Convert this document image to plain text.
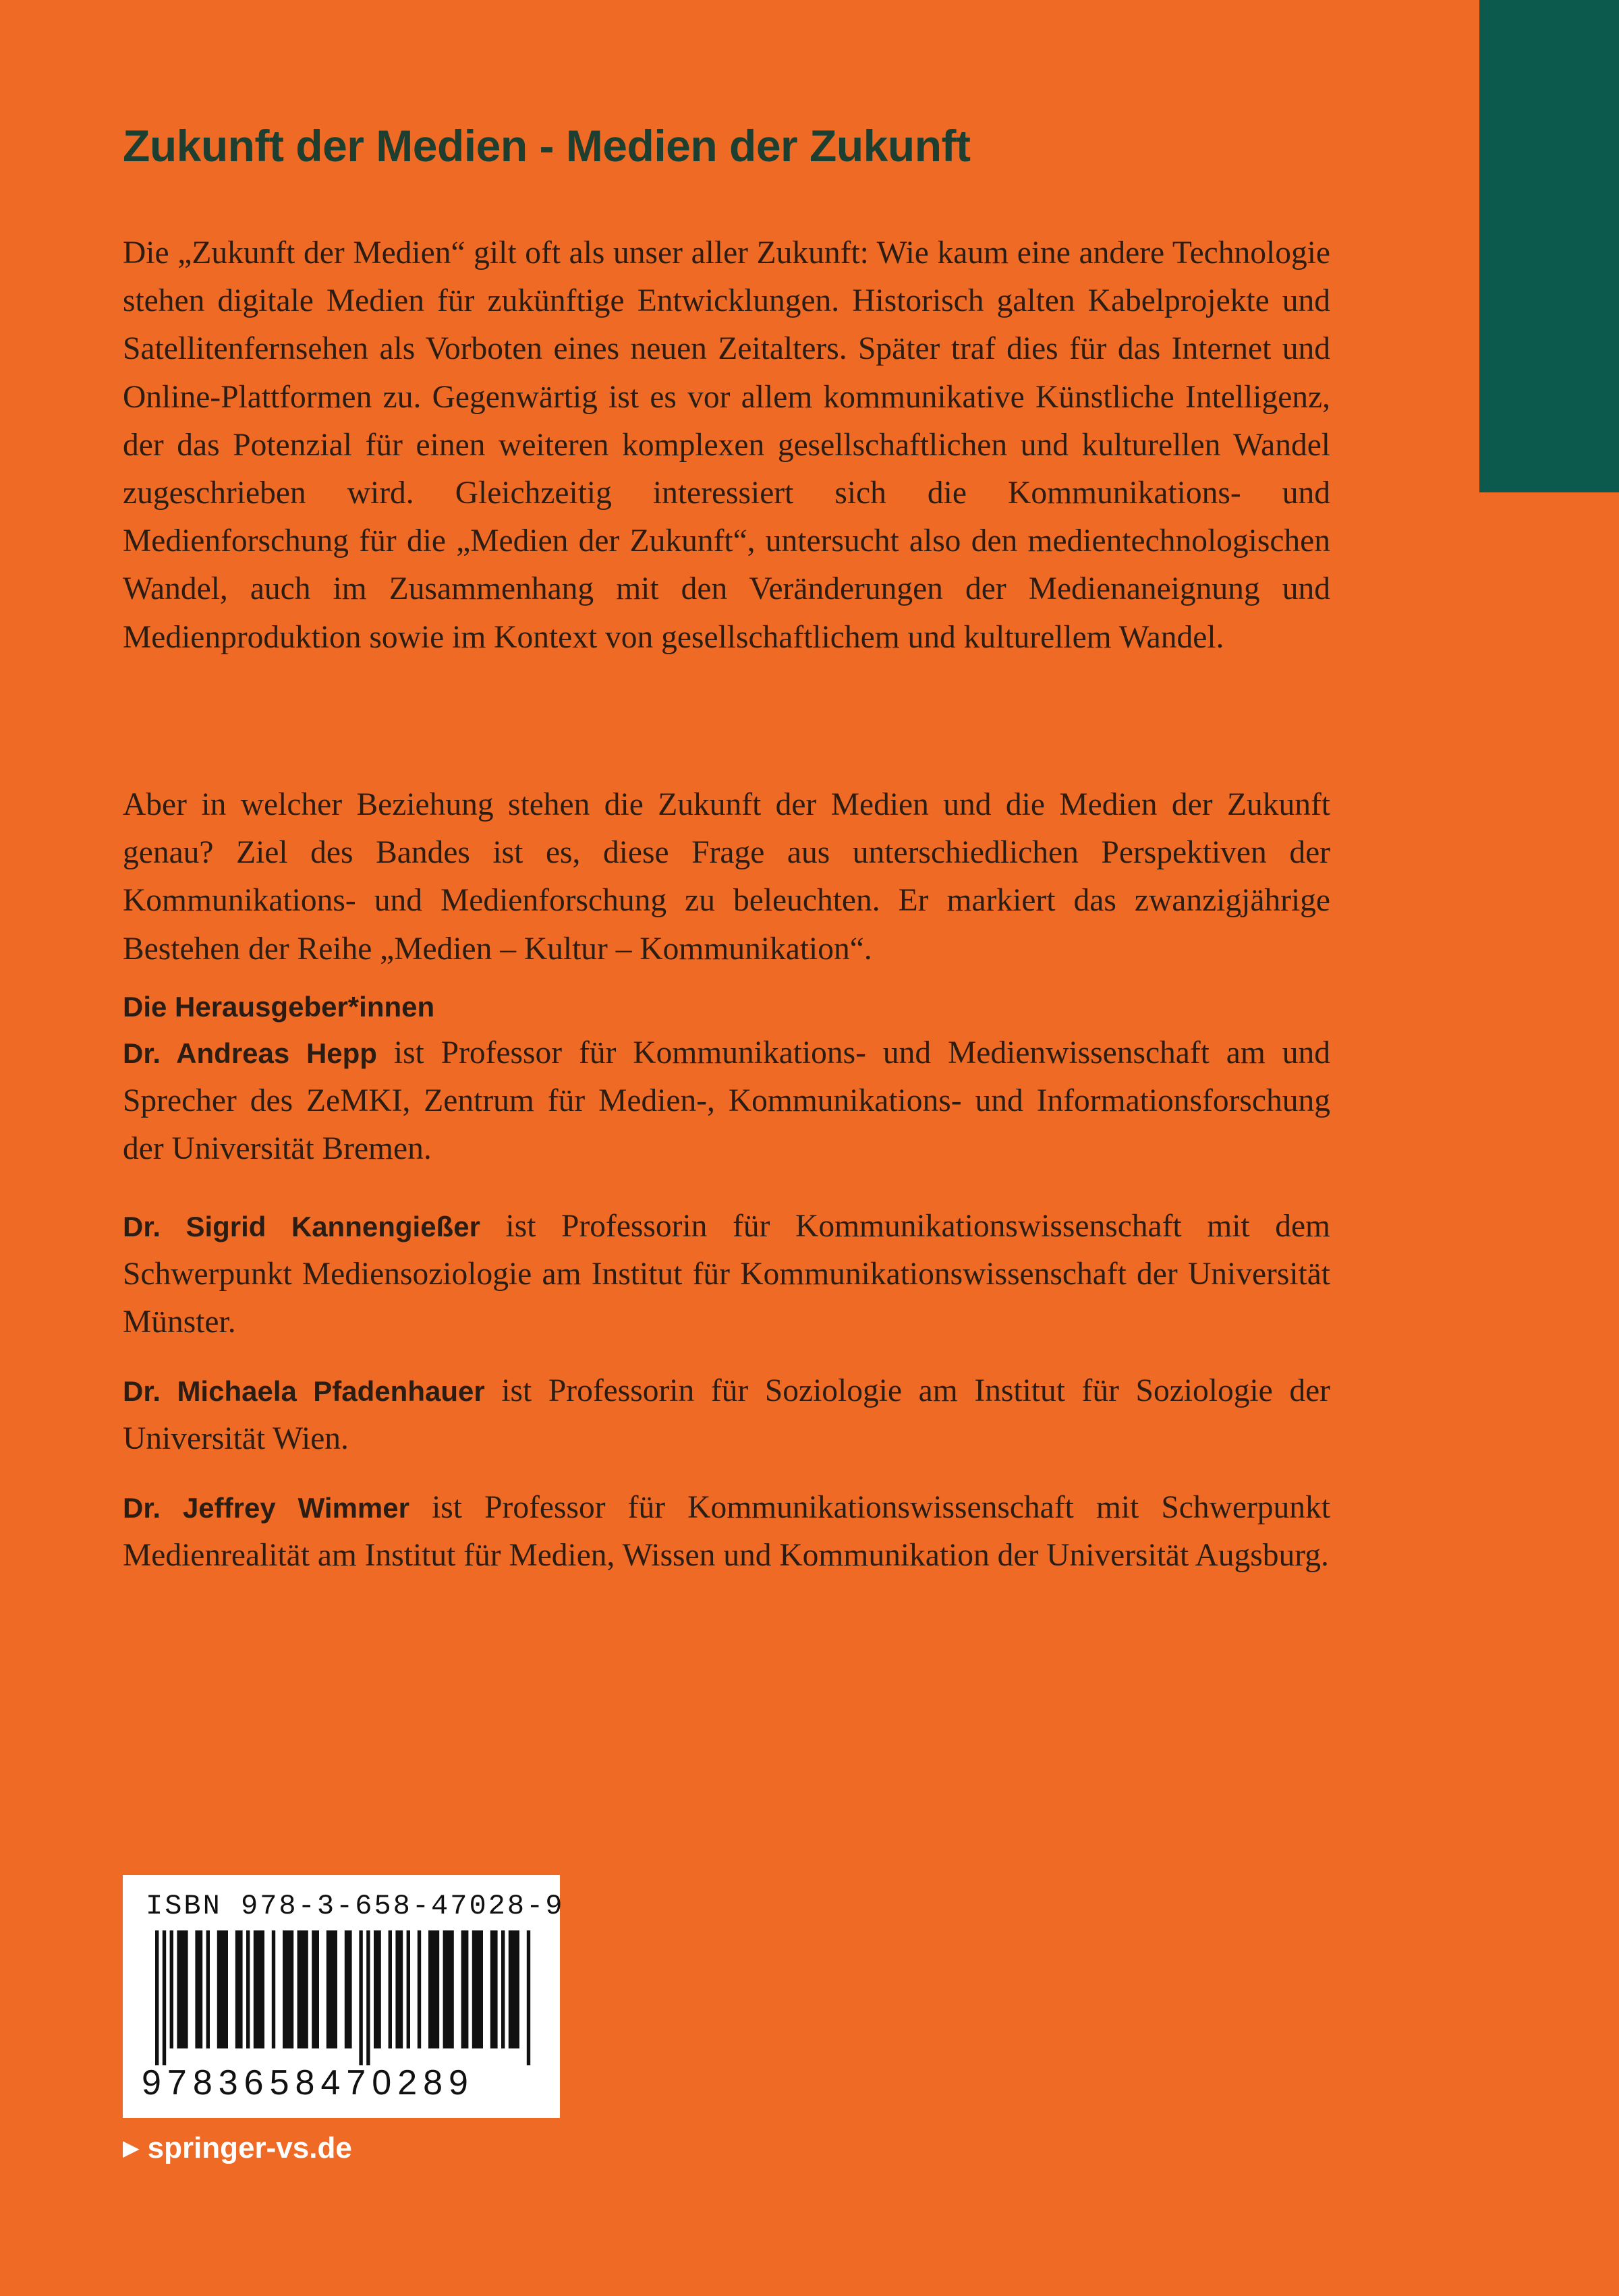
Zukunft der Medien - Medien der Zukunft
Die „Zukunft der Medien“ gilt oft als unser aller Zukunft: Wie kaum eine andere Technologie stehen digitale Medien für zukünftige Entwicklungen. Historisch galten Kabelprojekte und Satellitenfernsehen als Vorboten eines neuen Zeitalters. Später traf dies für das Internet und Online-Plattformen zu. Gegenwärtig ist es vor allem kommunikative Künstliche Intelligenz, der das Potenzial für einen weiteren komplexen gesellschaftlichen und kulturellen Wandel zugeschrieben wird. Gleichzeitig interessiert sich die Kommunikations- und Medienforschung für die „Medien der Zukunft“, untersucht also den medientechnologischen Wandel, auch im Zusammenhang mit den Veränderungen der Medienaneignung und Medienproduktion sowie im Kontext von gesellschaftlichem und kulturellem Wandel.
Aber in welcher Beziehung stehen die Zukunft der Medien und die Medien der Zukunft genau? Ziel des Bandes ist es, diese Frage aus unterschiedlichen Perspektiven der Kommunikations- und Medienforschung zu beleuchten. Er markiert das zwanzigjährige Bestehen der Reihe „Medien – Kultur – Kommunikation“.
Die Herausgeber*innen
Dr. Andreas Hepp ist Professor für Kommunikations- und Medienwissenschaft am und Sprecher des ZeMKI, Zentrum für Medien-, Kommunikations- und Informationsforschung der Universität Bremen.
Dr. Sigrid Kannengießer ist Professorin für Kommunikationswissenschaft mit dem Schwerpunkt Mediensoziologie am Institut für Kommunikationswissenschaft der Universität Münster.
Dr. Michaela Pfadenhauer ist Professorin für Soziologie am Institut für Soziologie der Universität Wien.
Dr. Jeffrey Wimmer ist Professor für Kommunikationswissenschaft mit Schwerpunkt Medienrealität am Institut für Medien, Wissen und Kommunikation der Universität Augsburg.
ISBN 978-3-658-47028-9
9783658470289
▶ springer-vs.de
